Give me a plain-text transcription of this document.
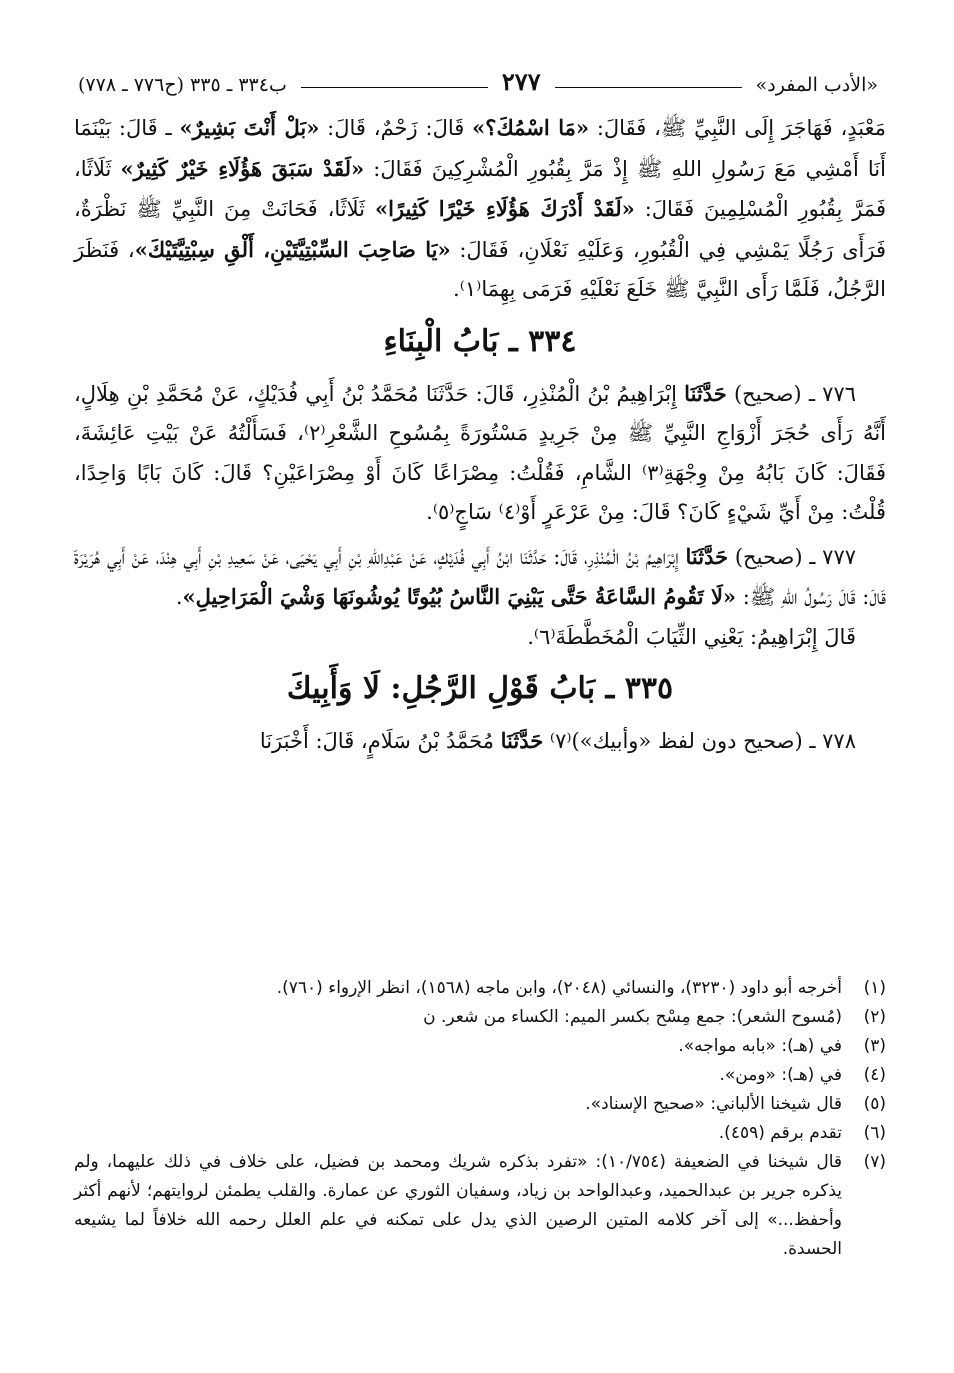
«الأدب المفرد»
٢٧٧
ب٣٣٤ ـ ٣٣٥ (ح٧٧٦ ـ ٧٧٨)

مَعْبَدٍ، فَهَاجَرَ إِلَى النَّبِيِّ ﷺ، فَقَالَ: «مَا اسْمُكَ؟» قَالَ: زَحْمٌ، قَالَ: «بَلْ أَنْتَ بَشِيرٌ» ـ قَالَ: بَيْنَمَا أَنَا أَمْشِي مَعَ رَسُولِ اللهِ ﷺ إِذْ مَرَّ بِقُبُورِ الْمُشْرِكِينَ فَقَالَ: «لَقَدْ سَبَقَ هَؤُلَاءِ خَيْرٌ كَثِيرٌ» ثَلَاثًا، فَمَرَّ بِقُبُورِ الْمُسْلِمِينَ فَقَالَ: «لَقَدْ أَدْرَكَ هَؤُلَاءِ خَيْرًا كَثِيرًا» ثَلَاثًا، فَحَانَتْ مِنَ النَّبِيِّ ﷺ نَظْرَةٌ، فَرَأَى رَجُلًا يَمْشِي فِي الْقُبُورِ، وَعَلَيْهِ نَعْلَانِ، فَقَالَ: «يَا صَاحِبَ السِّبْتِيَّتَيْنِ، أَلْقِ سِبْتِيَّتَيْكَ»، فَنَظَرَ الرَّجُلُ، فَلَمَّا رَأَى النَّبِيَّ ﷺ خَلَعَ نَعْلَيْهِ فَرَمَى بِهِمَا⁽١⁾.

٣٣٤ ـ بَابُ الْبِنَاءِ

٧٧٦ ـ (صحيح) حَدَّثَنَا إِبْرَاهِيمُ بْنُ الْمُنْذِرِ، قَالَ: حَدَّثَنَا مُحَمَّدُ بْنُ أَبِي فُدَيْكٍ، عَنْ مُحَمَّدِ بْنِ هِلَالٍ، أَنَّهُ رَأَى حُجَرَ أَزْوَاجِ النَّبِيِّ ﷺ مِنْ جَرِيدٍ مَسْتُورَةً بِمُسُوحِ الشَّعْرِ⁽٢⁾، فَسَأَلْتُهُ عَنْ بَيْتِ عَائِشَةَ، فَقَالَ: كَانَ بَابُهُ مِنْ وِجْهَةِ⁽٣⁾ الشَّامِ، فَقُلْتُ: مِصْرَاعًا كَانَ أَوْ مِصْرَاعَيْنِ؟ قَالَ: كَانَ بَابًا وَاحِدًا، قُلْتُ: مِنْ أَيِّ شَيْءٍ كَانَ؟ قَالَ: مِنْ عَرْعَرٍ أَوْ⁽٤⁾ سَاجٍ⁽٥⁾.

٧٧٧ ـ (صحيح) حَدَّثَنَا إِبْرَاهِيمُ بْنُ الْمُنْذِرِ، قَالَ: حَدَّثَنَا ابْنُ أَبِي فُدَيْكٍ، عَنْ عَبْدِاللهِ بْنِ أَبِي يَحْيَى، عَنْ سَعِيدِ بْنِ أَبِي هِنْدَ، عَنْ أَبِي هُرَيْرَةَ قَالَ: قَالَ رَسُولُ اللهِ ﷺ: «لَا تَقُومُ السَّاعَةُ حَتَّى يَبْنِيَ النَّاسُ بُيُوتًا يُوشُونَهَا وَشْيَ الْمَرَاحِيلِ».

قَالَ إِبْرَاهِيمُ: يَعْنِي الثِّيَابَ الْمُخَطَّطَةَ⁽٦⁾.

٣٣٥ ـ بَابُ قَوْلِ الرَّجُلِ: لَا وَأَبِيكَ

٧٧٨ ـ (صحيح دون لفظ «وأبيك»)⁽٧⁾ حَدَّثَنَا مُحَمَّدُ بْنُ سَلَامٍ، قَالَ: أَخْبَرَنَا

(١)
أخرجه أبو داود (٣٢٣٠)، والنسائي (٢٠٤٨)، وابن ماجه (١٥٦٨)، انظر الإرواء (٧٦٠).
(٢)
(مُسوح الشعر): جمع مِسْح بكسر الميم: الكساء من شعر. ن
(٣)
في (هـ): «بابه مواجه».
(٤)
في (هـ): «ومن».
(٥)
قال شيخنا الألباني: «صحيح الإسناد».
(٦)
تقدم برقم (٤٥٩).
(٧)
قال شيخنا في الضعيفة (١٠/٧٥٤): «تفرد بذكره شريك ومحمد بن فضيل، على خلاف في ذلك عليهما، ولم يذكره جرير بن عبدالحميد، وعبدالواحد بن زياد، وسفيان الثوري عن عمارة. والقلب يطمئن لروايتهم؛ لأنهم أكثر وأحفظ...» إلى آخر كلامه المتين الرصين الذي يدل على تمكنه في علم العلل رحمه الله خلافاً لما يشيعه الحسدة.
